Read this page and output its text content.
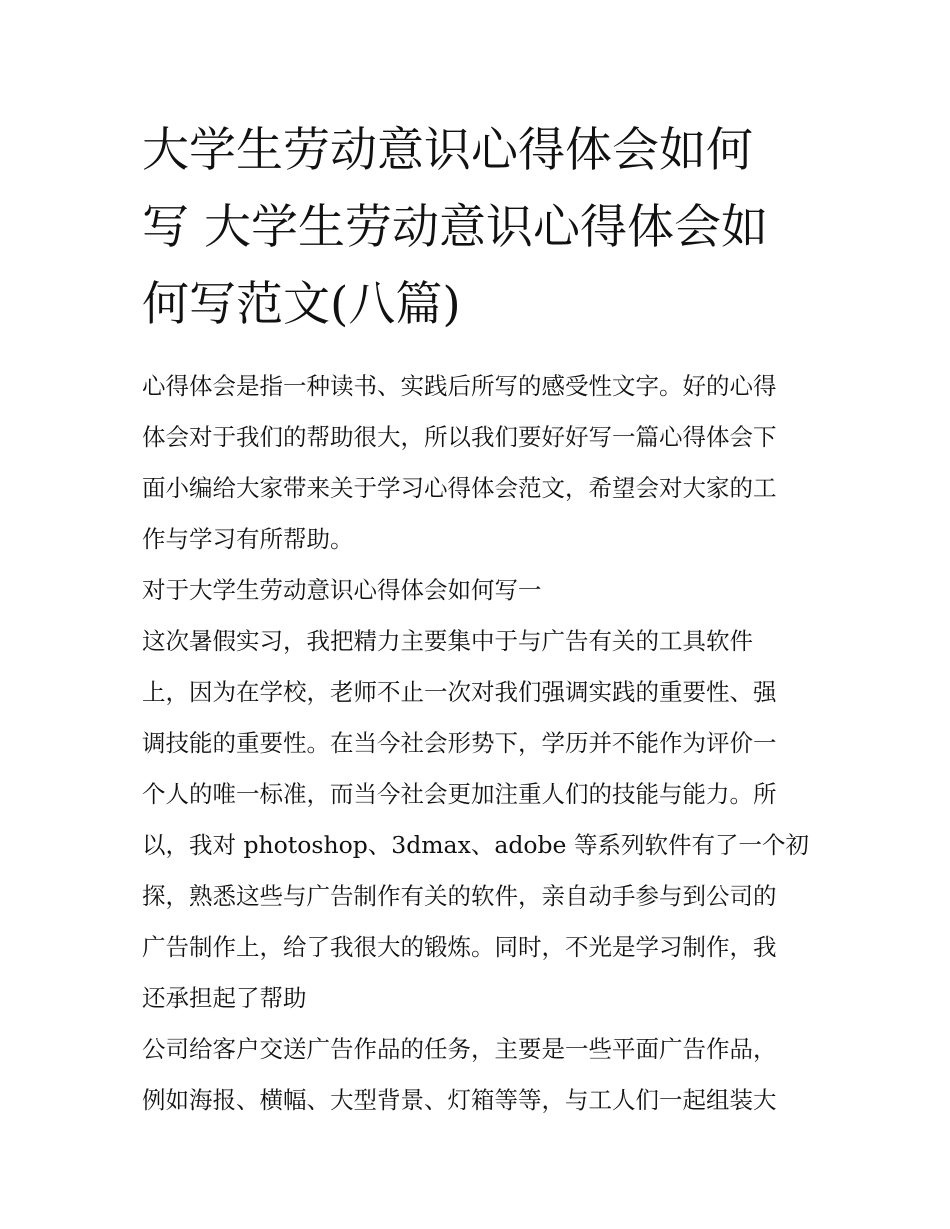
大学生劳动意识心得体会如何
写 大学生劳动意识心得体会如
何写范文(八篇)

心得体会是指一种读书、实践后所写的感受性文字。好的心得
体会对于我们的帮助很大，所以我们要好好写一篇心得体会下
面小编给大家带来关于学习心得体会范文，希望会对大家的工
作与学习有所帮助。

对于大学生劳动意识心得体会如何写一

这次暑假实习，我把精力主要集中于与广告有关的工具软件
上，因为在学校，老师不止一次对我们强调实践的重要性、强
调技能的重要性。在当今社会形势下，学历并不能作为评价一
个人的唯一标准，而当今社会更加注重人们的技能与能力。所
以，我对 photoshop、3dmax、adobe 等系列软件有了一个初
探，熟悉这些与广告制作有关的软件，亲自动手参与到公司的
广告制作上，给了我很大的锻炼。同时，不光是学习制作，我
还承担起了帮助

公司给客户交送广告作品的任务，主要是一些平面广告作品，
例如海报、横幅、大型背景、灯箱等等，与工人们一起组装大
